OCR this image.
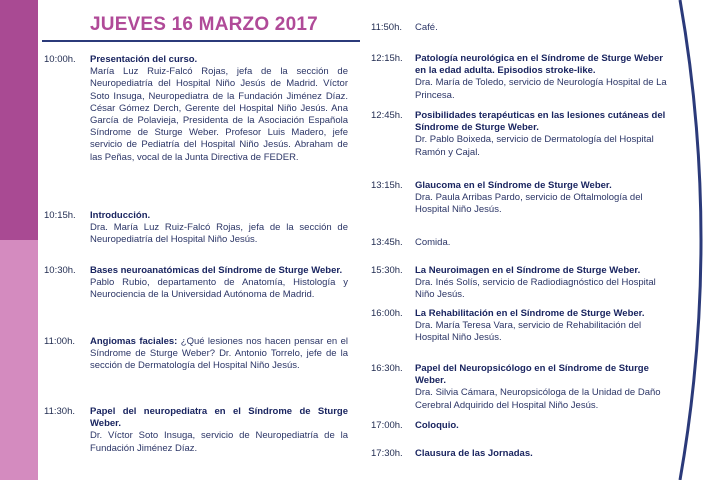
JUEVES 16 MARZO 2017
10:00h. Presentación del curso.
María Luz Ruiz-Falcó Rojas, jefa de la sección de Neuropediatría del Hospital Niño Jesús de Madrid. Víctor Soto Insuga, Neuropediatra de la Fundación Jiménez Díaz. César Gómez Derch, Gerente del Hospital Niño Jesús. Ana García de Polavieja, Presidenta de la Asociación Española Síndrome de Sturge Weber. Profesor Luis Madero, jefe servicio de Pediatría del Hospital Niño Jesús. Abraham de las Peñas, vocal de la Junta Directiva de FEDER.
10:15h. Introducción.
Dra. María Luz Ruiz-Falcó Rojas, jefa de la sección de Neuropediatría del Hospital Niño Jesús.
10:30h. Bases neuroanatómicas del Síndrome de Sturge Weber.
Pablo Rubio, departamento de Anatomía, Histología y Neurociencia de la Universidad Autónoma de Madrid.
11:00h. Angiomas faciales: ¿Qué lesiones nos hacen pensar en el Síndrome de Sturge Weber? Dr. Antonio Torrelo, jefe de la sección de Dermatología del Hospital Niño Jesús.
11:30h. Papel del neuropediatra en el Síndrome de Sturge Weber.
Dr. Víctor Soto Insuga, servicio de Neuropediatría de la Fundación Jiménez Díaz.
11:50h. Café.
12:15h. Patología neurológica en el Síndrome de Sturge Weber en la edad adulta. Episodios stroke-like.
Dra. María de Toledo, servicio de Neurología Hospital de La Princesa.
12:45h. Posibilidades terapéuticas en las lesiones cutáneas del Síndrome de Sturge Weber.
Dr. Pablo Boixeda, servicio de Dermatología del Hospital Ramón y Cajal.
13:15h. Glaucoma en el Síndrome de Sturge Weber.
Dra. Paula Arribas Pardo, servicio de Oftalmología del Hospital Niño Jesús.
13:45h. Comida.
15:30h. La Neuroimagen en el Síndrome de Sturge Weber.
Dra. Inés Solís, servicio de Radiodiagnóstico del Hospital Niño Jesús.
16:00h. La Rehabilitación en el Síndrome de Sturge Weber.
Dra. María Teresa Vara, servicio de Rehabilitación del Hospital Niño Jesús.
16:30h. Papel del Neuropsicólogo en el Síndrome de Sturge Weber.
Dra. Silvia Cámara, Neuropsicóloga de la Unidad de Daño Cerebral Adquirido del Hospital Niño Jesús.
17:00h. Coloquio.
17:30h. Clausura de las Jornadas.
